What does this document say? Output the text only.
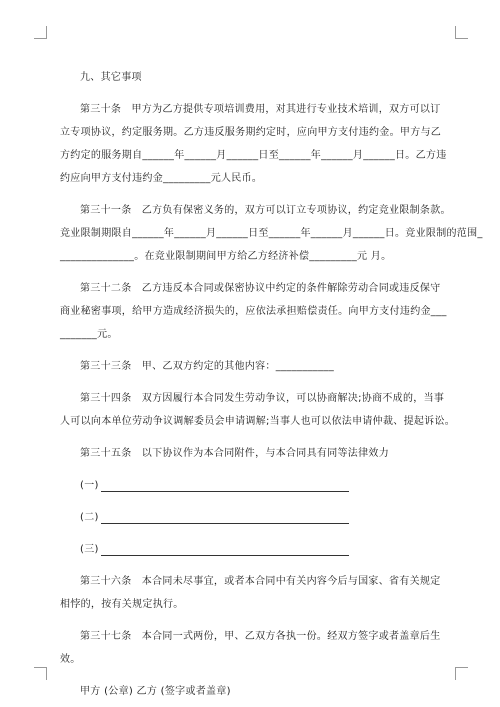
九、其它事项

第三十条　甲方为乙方提供专项培训费用，对其进行专业技术培训，双方可以订

立专项协议，约定服务期。乙方违反服务期约定时，应向甲方支付违约金。甲方与乙

方约定的服务期自______年______月______日至______年______月______日。乙方违

约应向甲方支付违约金_________元人民币。

第三十一条　乙方负有保密义务的，双方可以订立专项协议，约定竞业限制条款。

竞业限制期限自______年______月______日至______年______月______日。竞业限制的范围_

______________。在竞业限制期间甲方给乙方经济补偿_________元 月。

第三十二条　乙方违反本合同或保密协议中约定的条件解除劳动合同或违反保守

商业秘密事项，给甲方造成经济损失的，应依法承担赔偿责任。向甲方支付违约金___

_______元。

第三十三条　甲、乙双方约定的其他内容：___________

第三十四条　双方因履行本合同发生劳动争议，可以协商解决;协商不成的，当事

人可以向本单位劳动争议调解委员会申请调解;当事人也可以依法申请仲裁、提起诉讼。

第三十五条　以下协议作为本合同附件，与本合同具有同等法律效力

(一)

(二)

(三)

第三十六条　本合同未尽事宜，或者本合同中有关内容今后与国家、省有关规定

相悖的，按有关规定执行。

第三十七条　本合同一式两份，甲、乙双方各执一份。经双方签字或者盖章后生

效。

甲方 (公章) 乙方 (签字或者盖章)
